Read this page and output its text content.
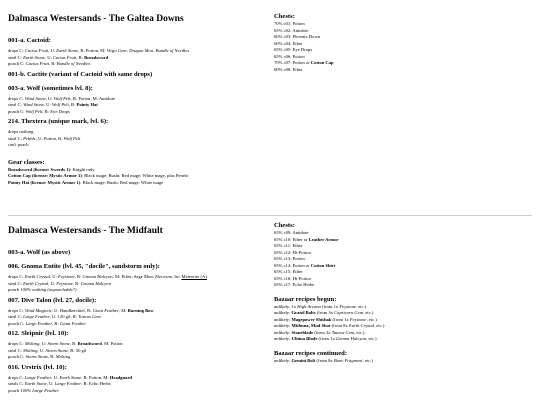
Dalmasca Westersands - The Galtea Downs
001-a. Cactoid:
drops C: Cactus Fruit, U: Earth Stone, R: Potion, M: Virgo Gem; Dragon Mon: Bundle of Needles
steal C: Earth Stone, U: Cactus Fruit, R: Broadsword
poach C: Cactus Fruit, R: Bundle of Needles
001-b. Cactite (variant of Cactoid with same drops)
003-a. Wolf (sometimes lvl. 8):
drops C: Wind Stone, U: Wolf Pelt, R: Potion, M: Antidote
steal C: Wind Stone, U: Wolf Pelt, R: Pointy Hat
poach C: Wolf Pelt, R: Eye Drops
214. Thextera (unique mark, lvl. 6):
drops nothing
steal C: Pebble, U: Potion, R: Wolf Pelt
can't poach
Gear classes:
Broadsword (license: Swords 1): Knight only
Cotton Cap (license: Mystic Armor 1): Black mage; Bushi; Red mage; White mage, plus Penelo
Pointy Hat (license: Mystic Armor 1): Black mage; Bushi; Red mage; White mage
Chests:
70% c01: Potion
65% c02: Antidote
60% c03: Phoenix Down
60% c04: Ether
65% c05: Eye Drops
65% c06: Potion
70% c07: Potion or Cotton Cap
60% c08: Ether
Dalmasca Westersands - The Midfault
003-a. Wolf (as above)
006. Gnoma Entite (lvl. 45, "docile", sandstorm only):
drops C: Earth Crystal, U: Feystone, R: Gnoma Halcyon, M: Ether; Sage Mon: Electrum, Isr: Meteorite (A)
steal C: Earth Crystal, U: Feystone, R: Gnoma Halcyon
poach 100% nothing (unpoachable?)
007. Dive Talon (lvl. 27, docile):
drops C: Wind Magicite, U: Handkerchief, R: Giant Feather, M: Burning Bow
steal C: Large Feather, U: 120 gil, R: Taurus Gem
poach C: Large Feather, R: Giant Feather
012. Sleipnir (lvl. 10):
drops C: Molting, U: Storm Stone, R: Broadsword, M: Potion
steal C: Molting, U: Storm Stone, R: 30 gil
poach C: Storm Stone, R: Molting
016. Urstrix (lvl. 10):
drops C: Large Feather, U: Earth Stone, R: Potion, M: Headguard
steals C: Earth Stone, U: Large Feather, R: Echo Herbs
poach 100% Large Feather
Chests:
65% c09: Antidote
65% c10: Ether or Leather Armor
65% c11: Ether
65% c12: Hi-Potion
65% c13: Potion
65% c14: Potion or Cotton Shirt
65% c15: Ether
65% c16: Hi-Potion
65% c17: Echo Herbs
Bazaar recipes begun:
unlikely: 1x High Arcana (from 1x Feystone, etc.)
unlikely: Grand Bolts (from 3x Capricorn Gem, etc.)
unlikely: Magepower Shishak (from 1x Feystone, etc.)
unlikely: Mithuna, Mud Shot (from 8x Earth Crystal, etc.)
unlikely: Stoneblade (from 3x Taurus Gem, etc.)
unlikely: Ultima Blade (from 1x Gnoma Halcyon, etc.)
Bazaar recipes continued:
unlikely: Gemini Bolt (from 8x Bone Fragment, etc.)
